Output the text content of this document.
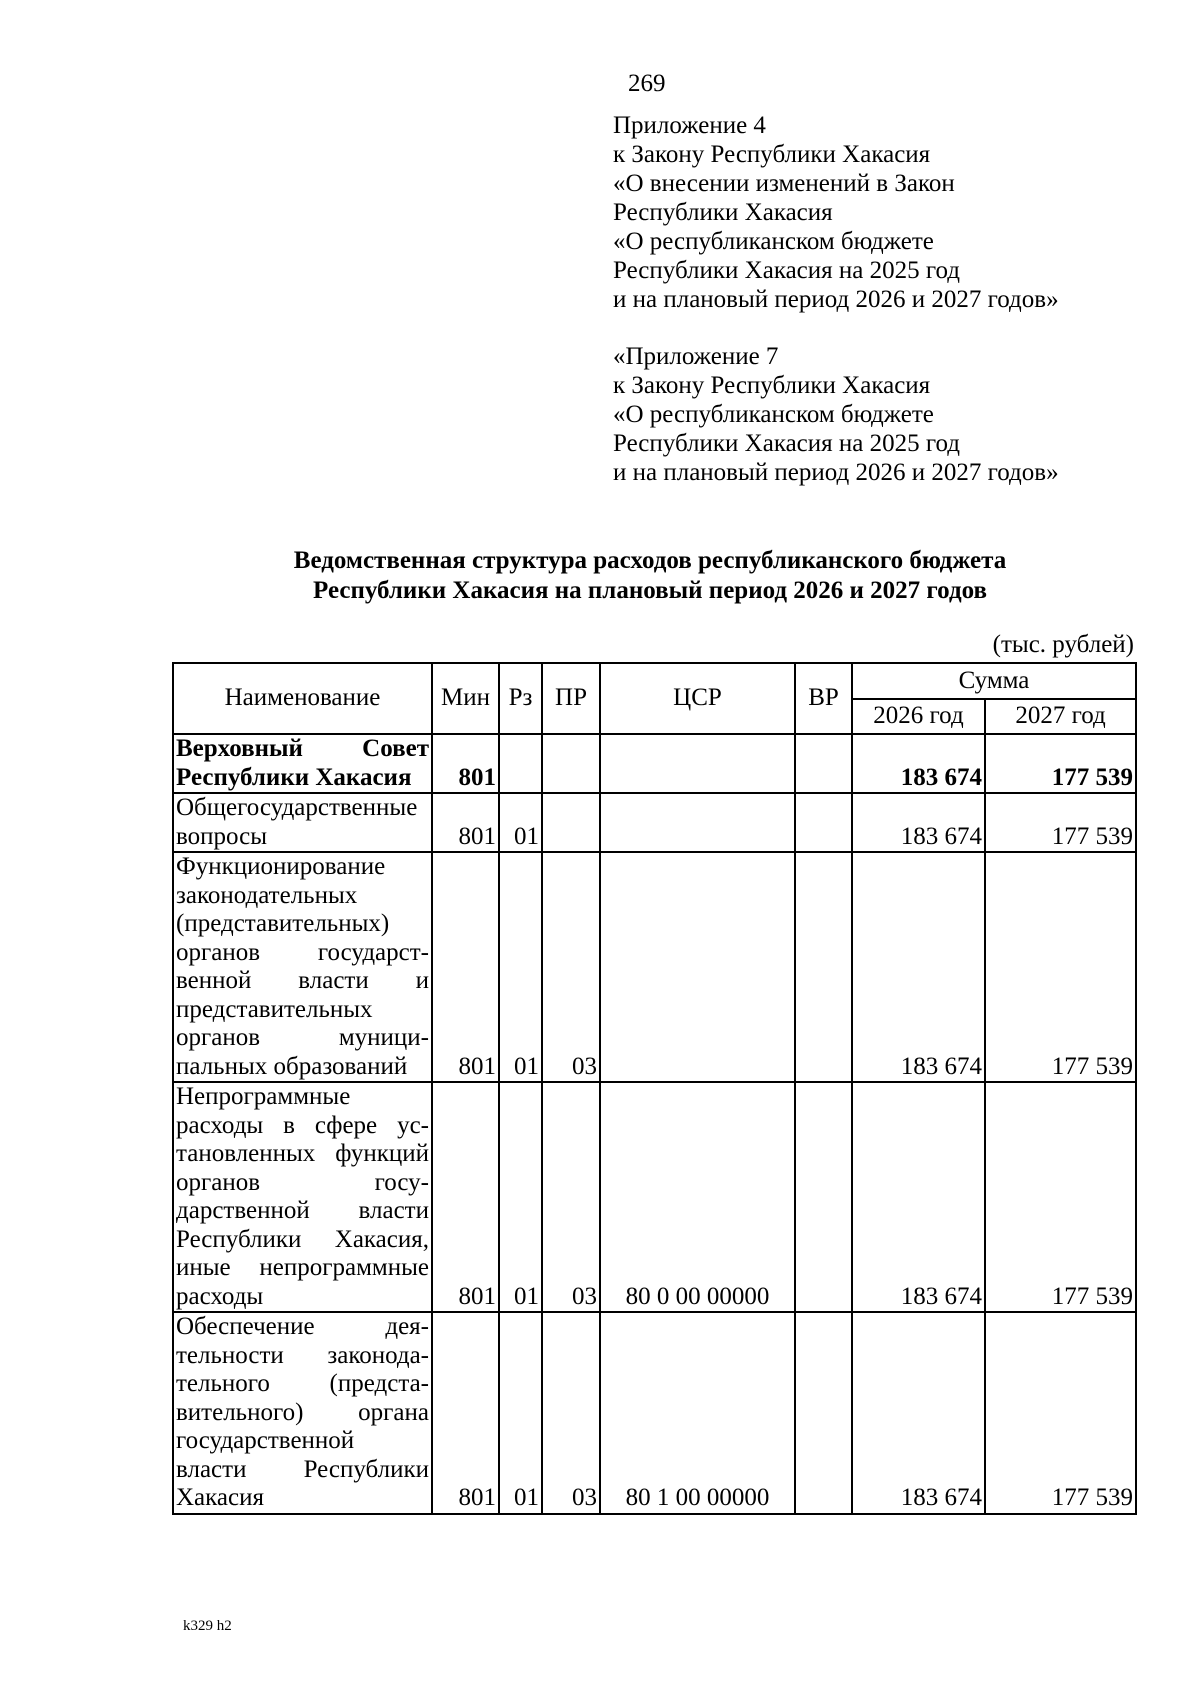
269
Приложение 4
к Закону Республики Хакасия
«О внесении изменений в Закон
Республики Хакасия
«О республиканском бюджете
Республики Хакасия на 2025 год
и на плановый период 2026 и 2027 годов»
«Приложение 7
к Закону Республики Хакасия
«О республиканском бюджете
Республики Хакасия на 2025 год
и на плановый период 2026 и 2027 годов»
Ведомственная структура расходов республиканского бюджета
Республики Хакасия на плановый период 2026 и 2027 годов
(тыс. рублей)
Наименование	Мин	Рз	ПР	ЦСР	ВР	Сумма	
						2026 год	2027 год
Верховный Совет Республики Хакасия	801					183 674	177 539
Общегосударственные вопросы	801	01				183 674	177 539
Функционирование законодательных (представительных) органов государственной власти и представительных органов муниципальных образований	801	01	03			183 674	177 539
Непрограммные расходы в сфере установленных функций органов государственной власти Республики Хакасия, иные непрограммные расходы	801	01	03	80 0 00 00000		183 674	177 539
Обеспечение деятельности законодательного (представительного) органа государственной власти Республики Хакасия	801	01	03	80 1 00 00000		183 674	177 539
k329 h2
